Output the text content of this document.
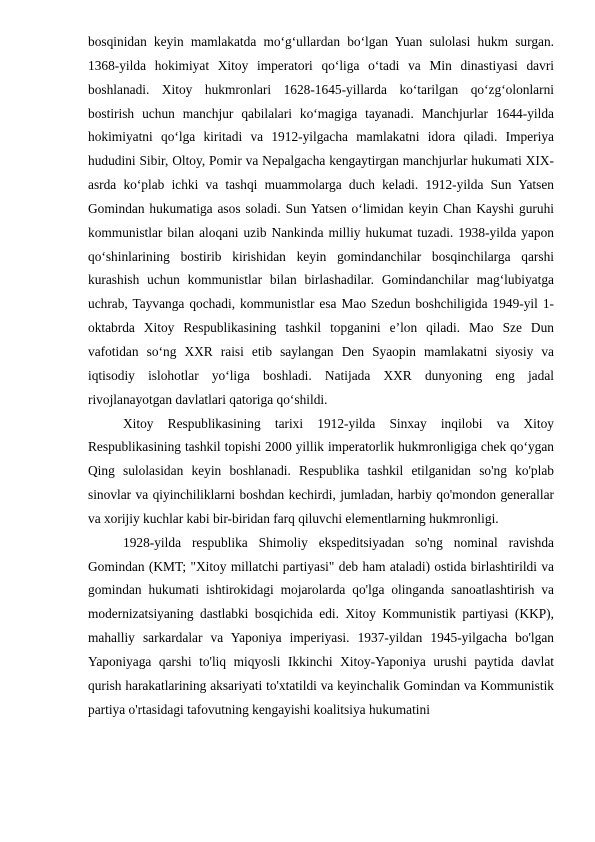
bosqinidan keyin mamlakatda mo‘g‘ullardan bo‘lgan Yuan sulolasi hukm surgan. 1368-yilda hokimiyat Xitoy imperatori qo‘liga o‘tadi va Min dinastiyasi davri boshlanadi. Xitoy hukmronlari 1628-1645-yillarda ko‘tarilgan qo‘zg‘olonlarni bostirish uchun manchjur qabilalari ko‘magiga tayanadi. Manchjurlar 1644-yilda hokimiyatni qo‘lga kiritadi va 1912-yilgacha mamlakatni idora qiladi. Imperiya hududini Sibir, Oltoy, Pomir va Nepalgacha kengaytirgan manchjurlar hukumati XIX-asrda ko‘plab ichki va tashqi muammolarga duch keladi. 1912-yilda Sun Yatsen Gomindan hukumatiga asos soladi. Sun Yatsen o‘limidan keyin Chan Kayshi guruhi kommunistlar bilan aloqani uzib Nankinda milliy hukumat tuzadi. 1938-yilda yapon qo‘shinlarining bostirib kirishidan keyin gomindanchilar bosqinchilarga qarshi kurashish uchun kommunistlar bilan birlashadilar. Gomindanchilar mag‘lubiyatga uchrab, Tayvanga qochadi, kommunistlar esa Mao Szedun boshchiligida 1949-yil 1-oktabrda Xitoy Respublikasining tashkil topganini e’lon qiladi. Mao Sze Dun vafotidan so‘ng XXR raisi etib saylangan Den Syaopin mamlakatni siyosiy va iqtisodiy islohotlar yo‘liga boshladi. Natijada XXR dunyoning eng jadal rivojlanayotgan davlatlari qatoriga qo‘shildi.

Xitoy Respublikasining tarixi 1912-yilda Sinxay inqilobi va Xitoy Respublikasining tashkil topishi 2000 yillik imperatorlik hukmronligiga chek qo‘ygan Qing sulolasidan keyin boshlanadi. Respublika tashkil etilganidan so'ng ko'plab sinovlar va qiyinchiliklarni boshdan kechirdi, jumladan, harbiy qo'mondon generallar va xorijiy kuchlar kabi bir-biridan farq qiluvchi elementlarning hukmronligi.

1928-yilda respublika Shimoliy ekspeditsiyadan so'ng nominal ravishda Gomindan (KMT; "Xitoy millatchi partiyasi" deb ham ataladi) ostida birlashtirildi va gomindan hukumati ishtirokidagi mojarolarda qo'lga olinganda sanoatlashtirish va modernizatsiyaning dastlabki bosqichida edi. Xitoy Kommunistik partiyasi (KKP), mahalliy sarkardalar va Yaponiya imperiyasi. 1937-yildan 1945-yilgacha bo'lgan Yaponiyaga qarshi to'liq miqyosli Ikkinchi Xitoy-Yaponiya urushi paytida davlat qurish harakatlarining aksariyati to'xtatildi va keyinchalik Gomindan va Kommunistik partiya o'rtasidagi tafovutning kengayishi koalitsiya hukumatini
